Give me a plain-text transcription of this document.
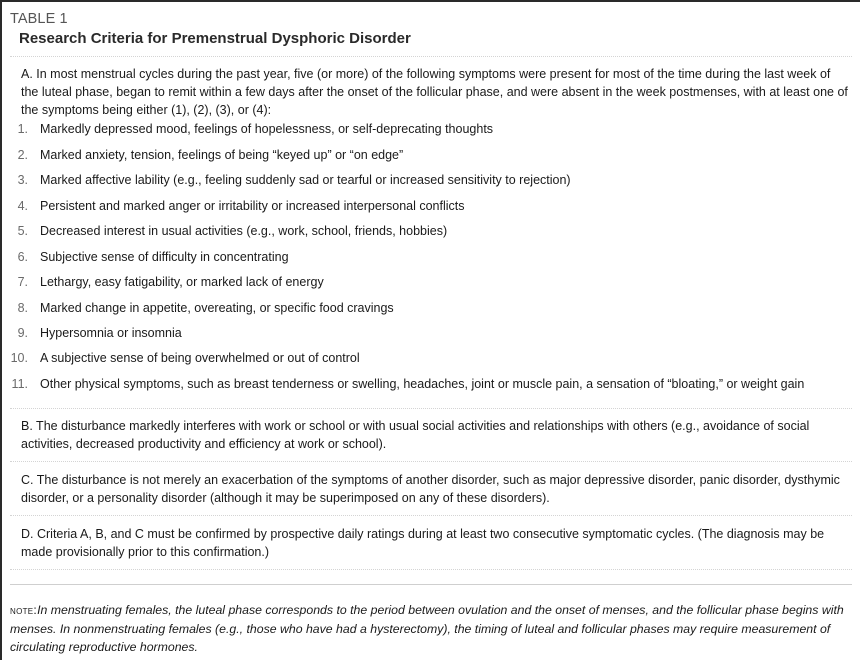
TABLE 1
Research Criteria for Premenstrual Dysphoric Disorder
A. In most menstrual cycles during the past year, five (or more) of the following symptoms were present for most of the time during the last week of the luteal phase, began to remit within a few days after the onset of the follicular phase, and were absent in the week postmenses, with at least one of the symptoms being either (1), (2), (3), or (4):
1. Markedly depressed mood, feelings of hopelessness, or self-deprecating thoughts
2. Marked anxiety, tension, feelings of being “keyed up” or “on edge”
3. Marked affective lability (e.g., feeling suddenly sad or tearful or increased sensitivity to rejection)
4. Persistent and marked anger or irritability or increased interpersonal conflicts
5. Decreased interest in usual activities (e.g., work, school, friends, hobbies)
6. Subjective sense of difficulty in concentrating
7. Lethargy, easy fatigability, or marked lack of energy
8. Marked change in appetite, overeating, or specific food cravings
9. Hypersomnia or insomnia
10. A subjective sense of being overwhelmed or out of control
11. Other physical symptoms, such as breast tenderness or swelling, headaches, joint or muscle pain, a sensation of “bloating,” or weight gain
B. The disturbance markedly interferes with work or school or with usual social activities and relationships with others (e.g., avoidance of social activities, decreased productivity and efficiency at work or school).
C. The disturbance is not merely an exacerbation of the symptoms of another disorder, such as major depressive disorder, panic disorder, dysthymic disorder, or a personality disorder (although it may be superimposed on any of these disorders).
D. Criteria A, B, and C must be confirmed by prospective daily ratings during at least two consecutive symptomatic cycles. (The diagnosis may be made provisionally prior to this confirmation.)
note:In menstruating females, the luteal phase corresponds to the period between ovulation and the onset of menses, and the follicular phase begins with menses. In nonmenstruating females (e.g., those who have had a hysterectomy), the timing of luteal and follicular phases may require measurement of circulating reproductive hormones.
